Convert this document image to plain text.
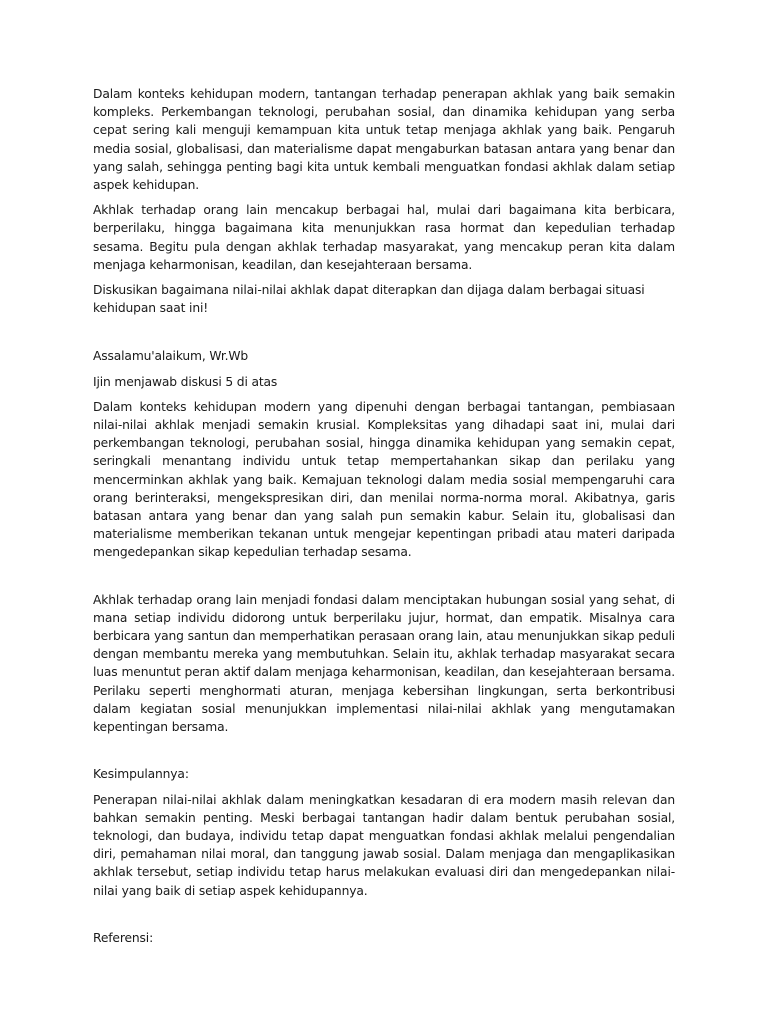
Dalam konteks kehidupan modern, tantangan terhadap penerapan akhlak yang baik semakin kompleks. Perkembangan teknologi, perubahan sosial, dan dinamika kehidupan yang serba cepat sering kali menguji kemampuan kita untuk tetap menjaga akhlak yang baik. Pengaruh media sosial, globalisasi, dan materialisme dapat mengaburkan batasan antara yang benar dan yang salah, sehingga penting bagi kita untuk kembali menguatkan fondasi akhlak dalam setiap aspek kehidupan.

Akhlak terhadap orang lain mencakup berbagai hal, mulai dari bagaimana kita berbicara, berperilaku, hingga bagaimana kita menunjukkan rasa hormat dan kepedulian terhadap sesama. Begitu pula dengan akhlak terhadap masyarakat, yang mencakup peran kita dalam menjaga keharmonisan, keadilan, dan kesejahteraan bersama.

Diskusikan bagaimana nilai-nilai akhlak dapat diterapkan dan dijaga dalam berbagai situasi kehidupan saat ini!

Assalamu'alaikum, Wr.Wb

Ijin menjawab diskusi 5 di atas

Dalam konteks kehidupan modern yang dipenuhi dengan berbagai tantangan, pembiasaan nilai-nilai akhlak menjadi semakin krusial. Kompleksitas yang dihadapi saat ini, mulai dari perkembangan teknologi, perubahan sosial, hingga dinamika kehidupan yang semakin cepat, seringkali menantang individu untuk tetap mempertahankan sikap dan perilaku yang mencerminkan akhlak yang baik. Kemajuan teknologi dalam media sosial mempengaruhi cara orang berinteraksi, mengekspresikan diri, dan menilai norma-norma moral. Akibatnya, garis batasan antara yang benar dan yang salah pun semakin kabur. Selain itu, globalisasi dan materialisme memberikan tekanan untuk mengejar kepentingan pribadi atau materi daripada mengedepankan sikap kepedulian terhadap sesama.

Akhlak terhadap orang lain menjadi fondasi dalam menciptakan hubungan sosial yang sehat, di mana setiap individu didorong untuk berperilaku jujur, hormat, dan empatik. Misalnya cara berbicara yang santun dan memperhatikan perasaan orang lain, atau menunjukkan sikap peduli dengan membantu mereka yang membutuhkan. Selain itu, akhlak terhadap masyarakat secara luas menuntut peran aktif dalam menjaga keharmonisan, keadilan, dan kesejahteraan bersama. Perilaku seperti menghormati aturan, menjaga kebersihan lingkungan, serta berkontribusi dalam kegiatan sosial menunjukkan implementasi nilai-nilai akhlak yang mengutamakan kepentingan bersama.

Kesimpulannya:

Penerapan nilai-nilai akhlak dalam meningkatkan kesadaran di era modern masih relevan dan bahkan semakin penting. Meski berbagai tantangan hadir dalam bentuk perubahan sosial, teknologi, dan budaya, individu tetap dapat menguatkan fondasi akhlak melalui pengendalian diri, pemahaman nilai moral, dan tanggung jawab sosial. Dalam menjaga dan mengaplikasikan akhlak tersebut, setiap individu tetap harus melakukan evaluasi diri dan mengedepankan nilai-nilai yang baik di setiap aspek kehidupannya.

Referensi:
